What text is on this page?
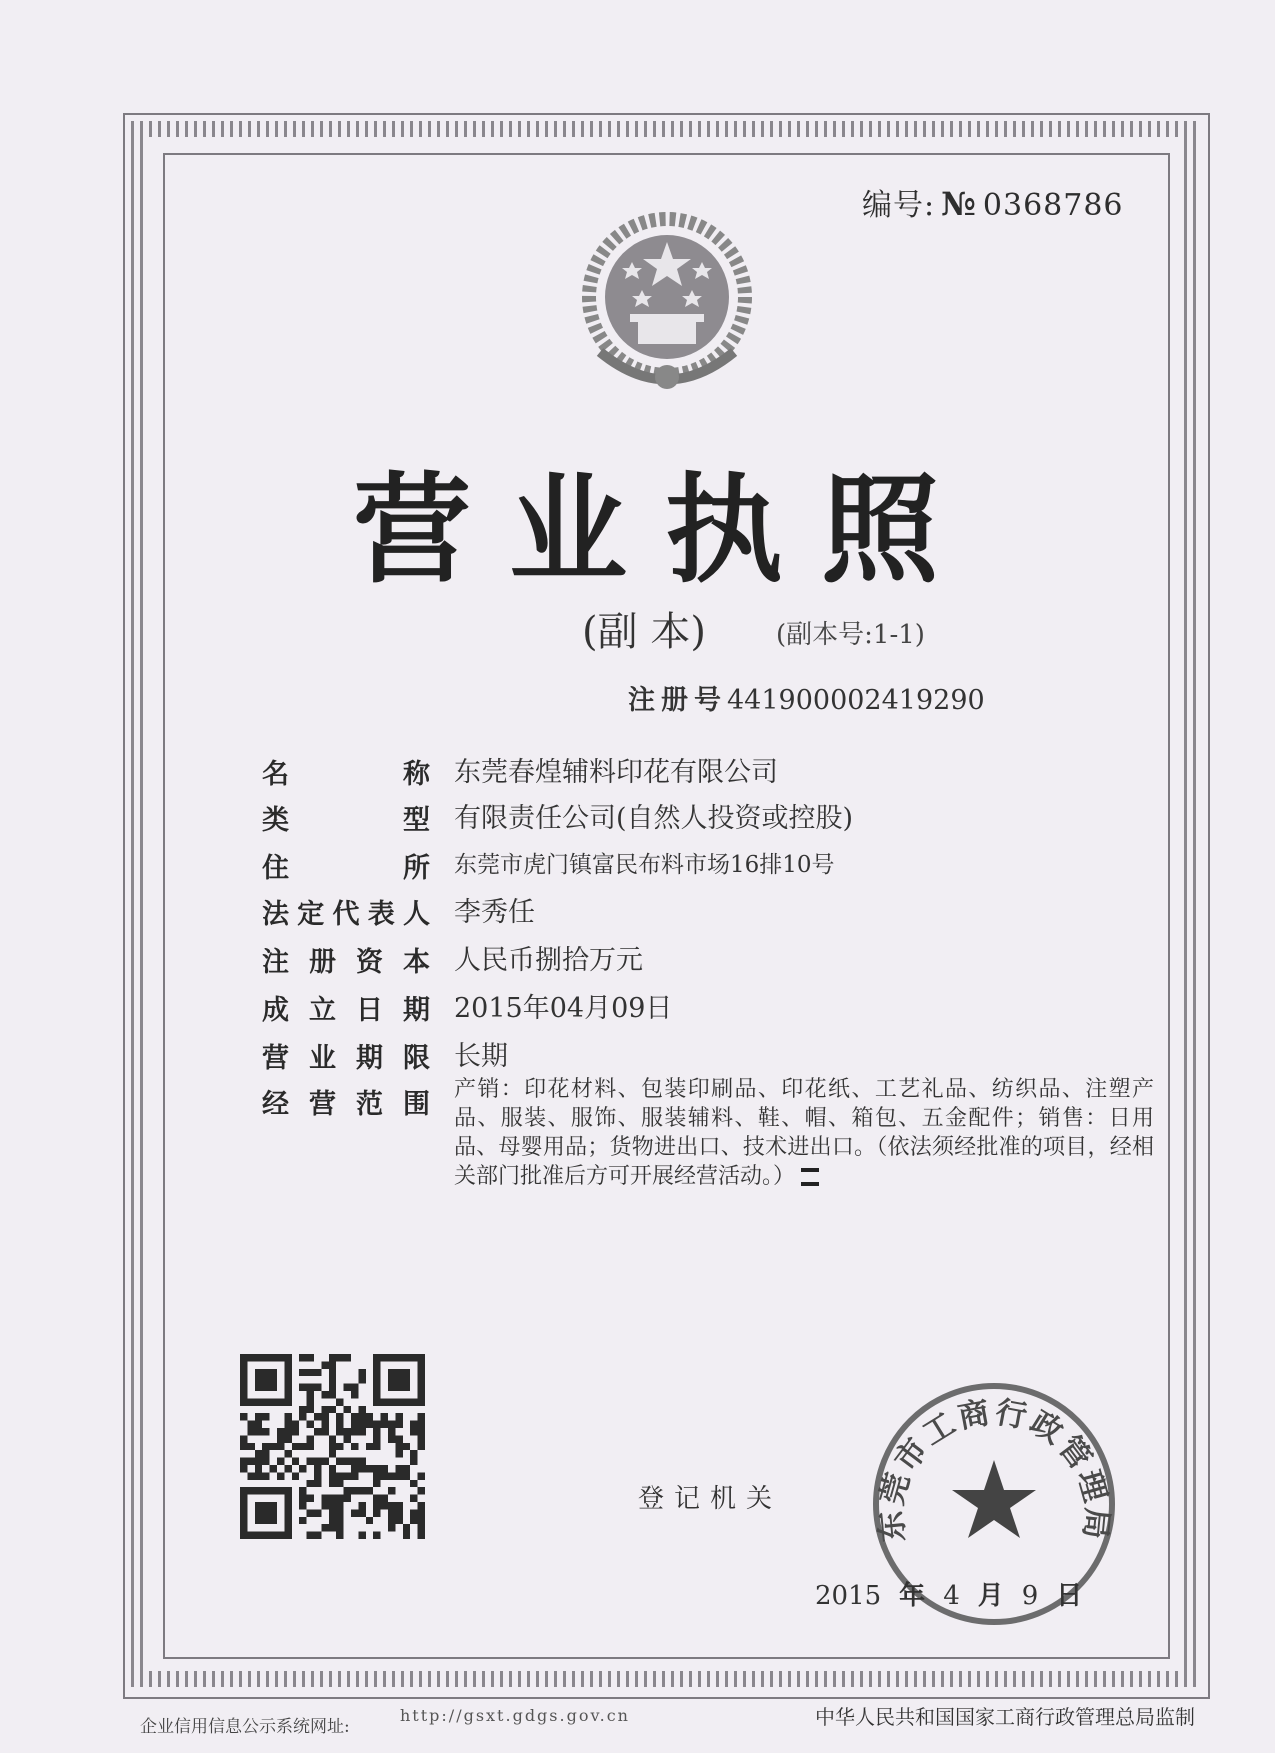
编号: № 0368786
营业执照
(副 本)	(副本号:1-1)
注册号441900002419290
名	称 东莞春煌辅料印花有限公司
类	型 有限责任公司(自然人投资或控股)
住	所 东莞市虎门镇富民布料市场16排10号
法 定 代 表 人 李秀任
注 册 资 本 人民币捌拾万元
成 立 日 期 2015年04月09日
营 业 期 限 长期
经 营 范 围 产销：印花材料、包装印刷品、印花纸、工艺礼品、纺织品、注塑产品、服装、服饰、服装辅料、鞋、帽、箱包、五金配件；销售：日用品、母婴用品；货物进出口、技术进出口。（依法须经批准的项目，经相关部门批准后方可开展经营活动。）
登记机关
东莞市工商行政管理局
2015 年 4 月 9 日
企业信用信息公示系统网址:
http://gsxt.gdgs.gov.cn	中华人民共和国国家工商行政管理总局监制
